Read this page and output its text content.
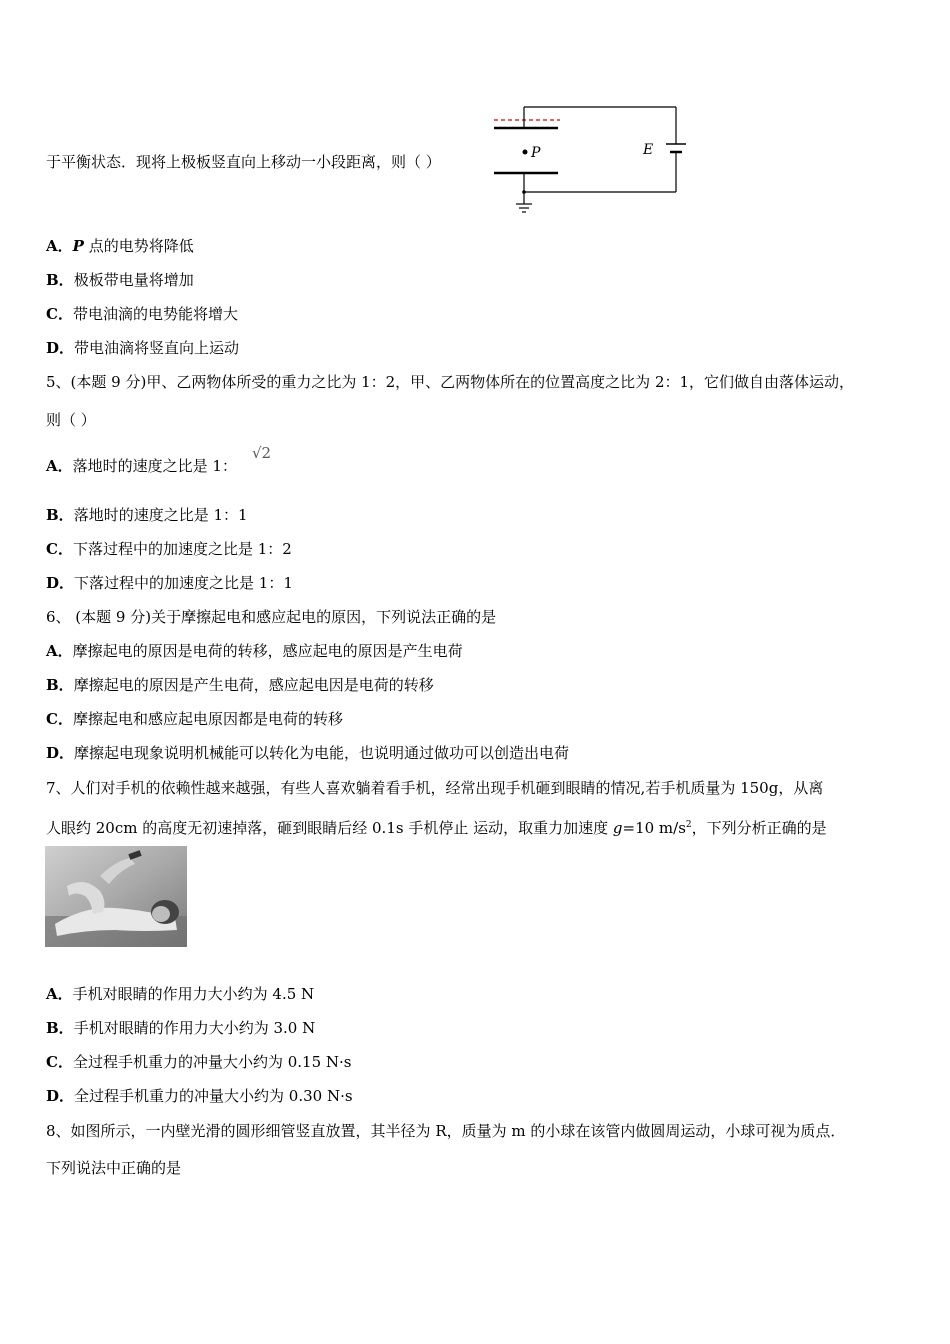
于平衡状态．现将上极板竖直向上移动一小段距离，则（ ）	P	E
A．P 点的电势将降低
B．极板带电量将增加
C．带电油滴的电势能将增大
D．带电油滴将竖直向上运动
5、(本题 9 分)甲、乙两物体所受的重力之比为 1：2，甲、乙两物体所在的位置高度之比为 2：1，它们做自由落体运动，
则（ ）
A．落地时的速度之比是 1：
√2
B．落地时的速度之比是 1：1
C．下落过程中的加速度之比是 1：2
D．下落过程中的加速度之比是 1：1
6、 (本题 9 分)关于摩擦起电和感应起电的原因，下列说法正确的是
A．摩擦起电的原因是电荷的转移，感应起电的原因是产生电荷
B．摩擦起电的原因是产生电荷，感应起电因是电荷的转移
C．摩擦起电和感应起电原因都是电荷的转移
D．摩擦起电现象说明机械能可以转化为电能，也说明通过做功可以创造出电荷
7、人们对手机的依赖性越来越强，有些人喜欢躺着看手机，经常出现手机砸到眼睛的情况,若手机质量为 150g，从离
人眼约 20cm 的高度无初速掉落，砸到眼睛后经 0.1s 手机停止 运动，取重力加速度 g=10 $m/s^2$，下列分析正确的是
A．手机对眼睛的作用力大小约为 4.5 N
B．手机对眼睛的作用力大小约为 3.0 N
C．全过程手机重力的冲量大小约为 0.15 N·s
D．全过程手机重力的冲量大小约为 0.30 N·s
8、如图所示，一内壁光滑的圆形细管竖直放置，其半径为 R，质量为 m 的小球在该管内做圆周运动，小球可视为质点．
下列说法中正确的是
